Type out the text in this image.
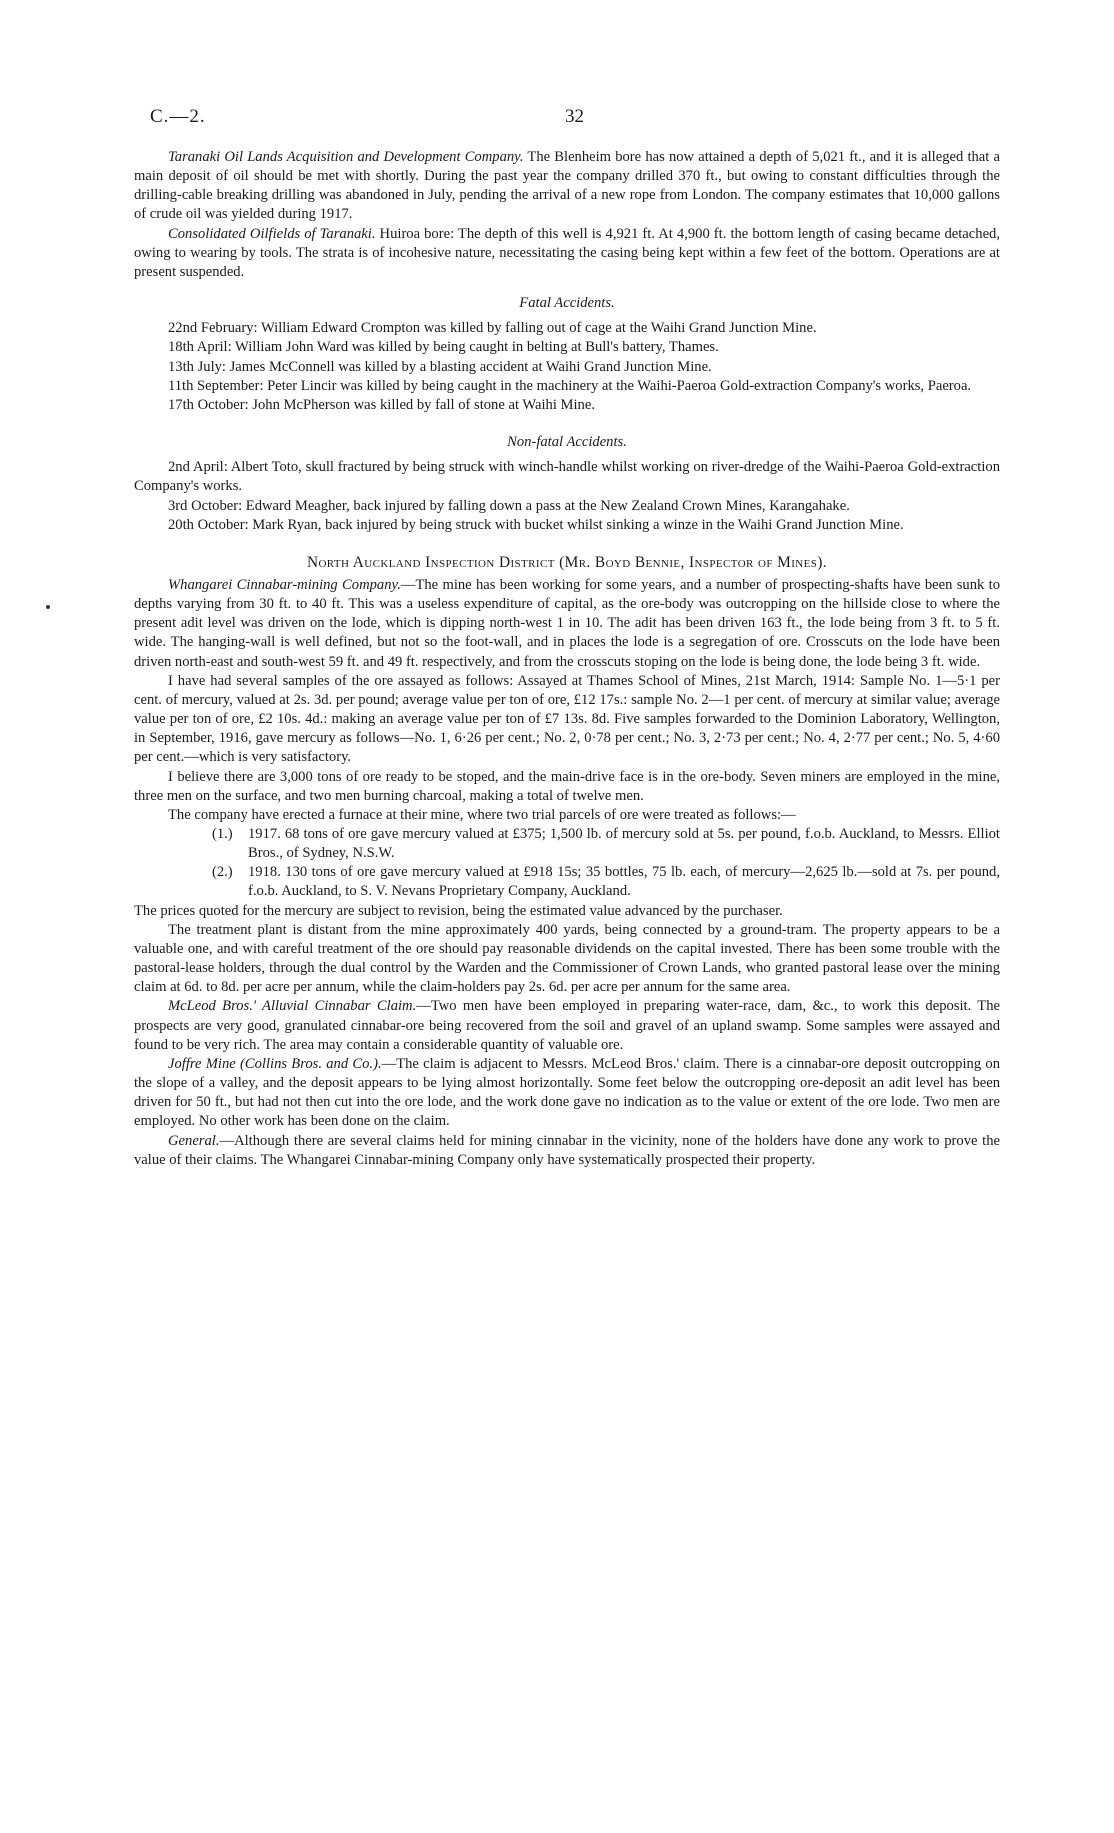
C.—2.	32

Taranaki Oil Lands Acquisition and Development Company. The Blenheim bore has now attained a depth of 5,021 ft., and it is alleged that a main deposit of oil should be met with shortly. During the past year the company drilled 370 ft., but owing to constant difficulties through the drilling-cable breaking drilling was abandoned in July, pending the arrival of a new rope from London. The company estimates that 10,000 gallons of crude oil was yielded during 1917.

Consolidated Oilfields of Taranaki. Huiroa bore: The depth of this well is 4,921 ft. At 4,900 ft. the bottom length of casing became detached, owing to wearing by tools. The strata is of incohesive nature, necessitating the casing being kept within a few feet of the bottom. Operations are at present suspended.

Fatal Accidents.

22nd February: William Edward Crompton was killed by falling out of cage at the Waihi Grand Junction Mine.

18th April: William John Ward was killed by being caught in belting at Bull's battery, Thames.

13th July: James McConnell was killed by a blasting accident at Waihi Grand Junction Mine.

11th September: Peter Lincir was killed by being caught in the machinery at the Waihi-Paeroa Gold-extraction Company's works, Paeroa.

17th October: John McPherson was killed by fall of stone at Waihi Mine.

Non-fatal Accidents.

2nd April: Albert Toto, skull fractured by being struck with winch-handle whilst working on river-dredge of the Waihi-Paeroa Gold-extraction Company's works.

3rd October: Edward Meagher, back injured by falling down a pass at the New Zealand Crown Mines, Karangahake.

20th October: Mark Ryan, back injured by being struck with bucket whilst sinking a winze in the Waihi Grand Junction Mine.

North Auckland Inspection District (Mr. Boyd Bennie, Inspector of Mines).

Whangarei Cinnabar-mining Company.—The mine has been working for some years, and a number of prospecting-shafts have been sunk to depths varying from 30 ft. to 40 ft. This was a useless expenditure of capital, as the ore-body was outcropping on the hillside close to where the present adit level was driven on the lode, which is dipping north-west 1 in 10. The adit has been driven 163 ft., the lode being from 3 ft. to 5 ft. wide. The hanging-wall is well defined, but not so the foot-wall, and in places the lode is a segregation of ore. Crosscuts on the lode have been driven north-east and south-west 59 ft. and 49 ft. respectively, and from the crosscuts stoping on the lode is being done, the lode being 3 ft. wide.

I have had several samples of the ore assayed as follows: Assayed at Thames School of Mines, 21st March, 1914: Sample No. 1—5·1 per cent. of mercury, valued at 2s. 3d. per pound; average value per ton of ore, £12 17s.: sample No. 2—1 per cent. of mercury at similar value; average value per ton of ore, £2 10s. 4d.: making an average value per ton of £7 13s. 8d. Five samples forwarded to the Dominion Laboratory, Wellington, in September, 1916, gave mercury as follows—No. 1, 6·26 per cent.; No. 2, 0·78 per cent.; No. 3, 2·73 per cent.; No. 4, 2·77 per cent.; No. 5, 4·60 per cent.—which is very satisfactory.

I believe there are 3,000 tons of ore ready to be stoped, and the main-drive face is in the ore-body. Seven miners are employed in the mine, three men on the surface, and two men burning charcoal, making a total of twelve men.

The company have erected a furnace at their mine, where two trial parcels of ore were treated as follows:—

(1.) 1917. 68 tons of ore gave mercury valued at £375; 1,500 lb. of mercury sold at 5s. per pound, f.o.b. Auckland, to Messrs. Elliot Bros., of Sydney, N.S.W.

(2.) 1918. 130 tons of ore gave mercury valued at £918 15s; 35 bottles, 75 lb. each, of mercury—2,625 lb.—sold at 7s. per pound, f.o.b. Auckland, to S. V. Nevans Proprietary Company, Auckland.

The prices quoted for the mercury are subject to revision, being the estimated value advanced by the purchaser.

The treatment plant is distant from the mine approximately 400 yards, being connected by a ground-tram. The property appears to be a valuable one, and with careful treatment of the ore should pay reasonable dividends on the capital invested. There has been some trouble with the pastoral-lease holders, through the dual control by the Warden and the Commissioner of Crown Lands, who granted pastoral lease over the mining claim at 6d. to 8d. per acre per annum, while the claim-holders pay 2s. 6d. per acre per annum for the same area.

McLeod Bros.' Alluvial Cinnabar Claim.—Two men have been employed in preparing water-race, dam, &c., to work this deposit. The prospects are very good, granulated cinnabar-ore being recovered from the soil and gravel of an upland swamp. Some samples were assayed and found to be very rich. The area may contain a considerable quantity of valuable ore.

Joffre Mine (Collins Bros. and Co.).—The claim is adjacent to Messrs. McLeod Bros.' claim. There is a cinnabar-ore deposit outcropping on the slope of a valley, and the deposit appears to be lying almost horizontally. Some feet below the outcropping ore-deposit an adit level has been driven for 50 ft., but had not then cut into the ore lode, and the work done gave no indication as to the value or extent of the ore lode. Two men are employed. No other work has been done on the claim.

General.—Although there are several claims held for mining cinnabar in the vicinity, none of the holders have done any work to prove the value of their claims. The Whangarei Cinnabar-mining Company only have systematically prospected their property.
